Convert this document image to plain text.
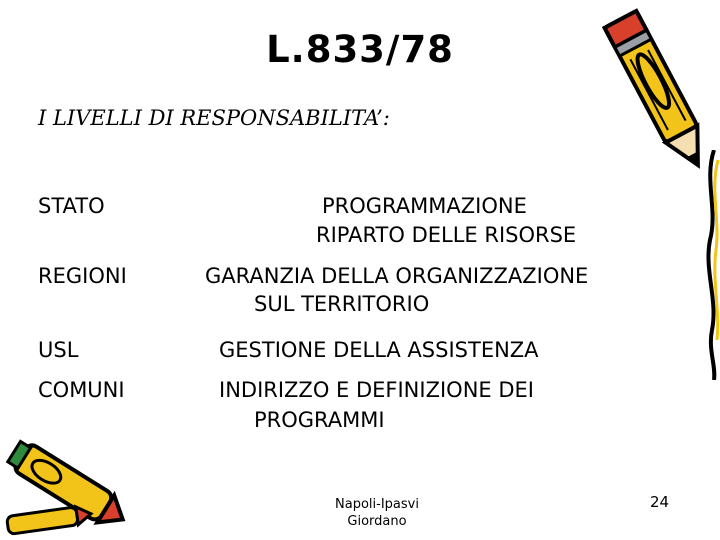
L.833/78
I LIVELLI DI RESPONSABILITA’:
STATO	PROGRAMMAZIONE
RIPARTO DELLE RISORSE
REGIONI	GARANZIA DELLA ORGANIZZAZIONE
SUL TERRITORIO
USL	GESTIONE DELLA ASSISTENZA
COMUNI	INDIRIZZO E DEFINIZIONE DEI
PROGRAMMI
Napoli-Ipasvi
Giordano
24
